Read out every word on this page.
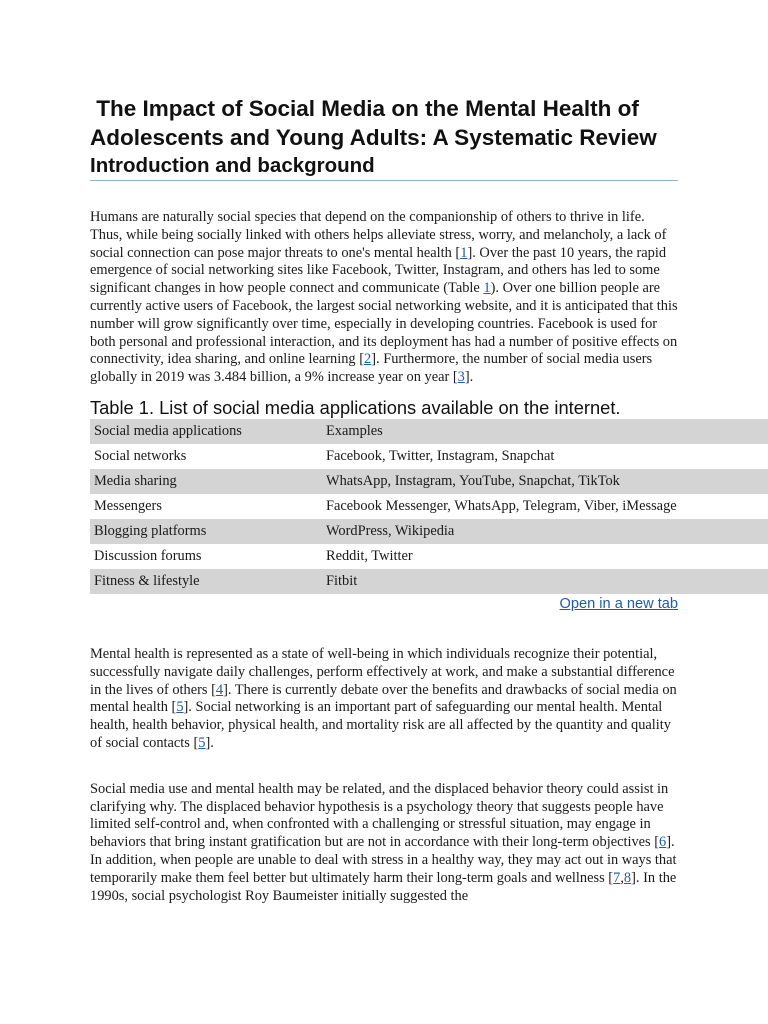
The Impact of Social Media on the Mental Health of
Adolescents and Young Adults: A Systematic Review
Introduction and background

Humans are naturally social species that depend on the companionship of others to thrive in life. Thus, while being socially linked with others helps alleviate stress, worry, and melancholy, a lack of social connection can pose major threats to one's mental health [1]. Over the past 10 years, the rapid emergence of social networking sites like Facebook, Twitter, Instagram, and others has led to some significant changes in how people connect and communicate (Table 1). Over one billion people are currently active users of Facebook, the largest social networking website, and it is anticipated that this number will grow significantly over time, especially in developing countries. Facebook is used for both personal and professional interaction, and its deployment has had a number of positive effects on connectivity, idea sharing, and online learning [2]. Furthermore, the number of social media users globally in 2019 was 3.484 billion, a 9% increase year on year [3].

Table 1. List of social media applications available on the internet.
Social media applications	Examples
Social networks	Facebook, Twitter, Instagram, Snapchat
Media sharing	WhatsApp, Instagram, YouTube, Snapchat, TikTok
Messengers	Facebook Messenger, WhatsApp, Telegram, Viber, iMessage
Blogging platforms	WordPress, Wikipedia
Discussion forums	Reddit, Twitter
Fitness & lifestyle	Fitbit
Open in a new tab

Mental health is represented as a state of well-being in which individuals recognize their potential, successfully navigate daily challenges, perform effectively at work, and make a substantial difference in the lives of others [4]. There is currently debate over the benefits and drawbacks of social media on mental health [5]. Social networking is an important part of safeguarding our mental health. Mental health, health behavior, physical health, and mortality risk are all affected by the quantity and quality of social contacts [5].

Social media use and mental health may be related, and the displaced behavior theory could assist in clarifying why. The displaced behavior hypothesis is a psychology theory that suggests people have limited self-control and, when confronted with a challenging or stressful situation, may engage in behaviors that bring instant gratification but are not in accordance with their long-term objectives [6]. In addition, when people are unable to deal with stress in a healthy way, they may act out in ways that temporarily make them feel better but ultimately harm their long-term goals and wellness [7,8]. In the 1990s, social psychologist Roy Baumeister initially suggested the
